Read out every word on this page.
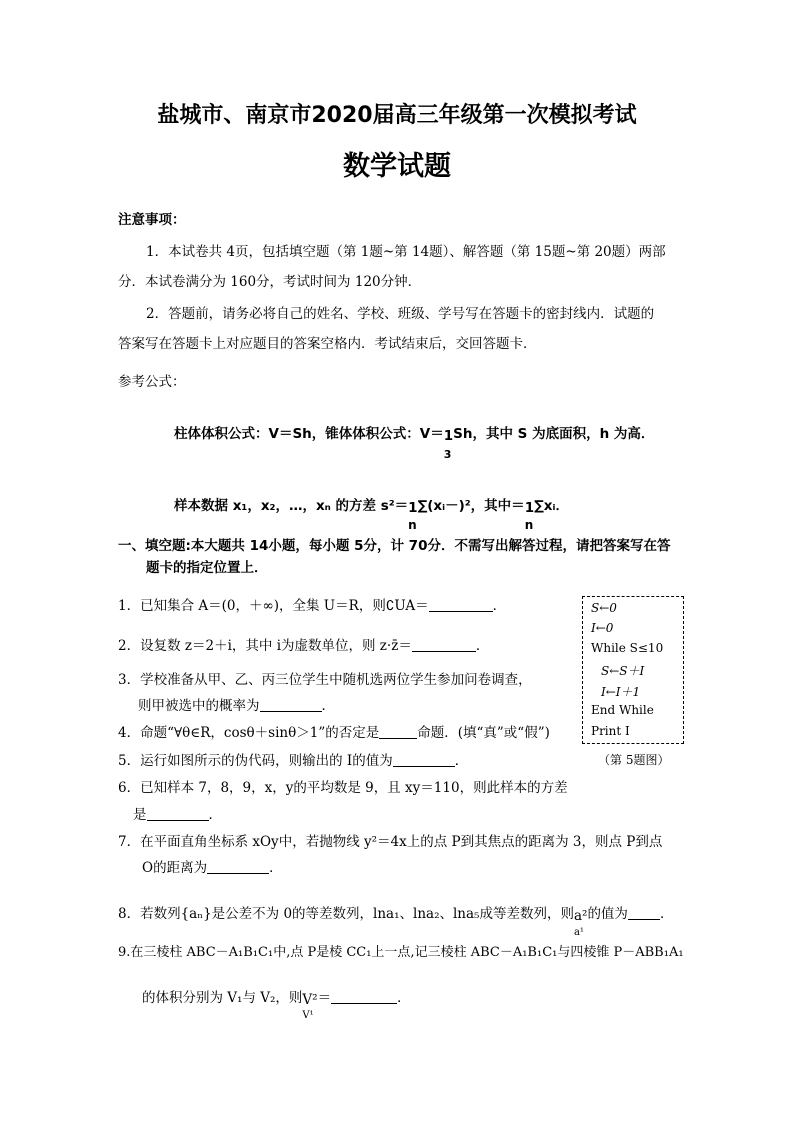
盐城市、南京市2020届高三年级第一次模拟考试
数学试题
注意事项：
1．本试卷共 4页，包括填空题（第 1题~第 14题）、解答题（第 15题~第 20题）两部
分．本试卷满分为 160分，考试时间为 120分钟．
2．答题前，请务必将自己的姓名、学校、班级、学号写在答题卡的密封线内．试题的
答案写在答题卡上对应题目的答案空格内．考试结束后，交回答题卡．
参考公式：
柱体体积公式：V＝Sh，锥体体积公式：V＝1
3
Sh，其中 S 为底面积，h 为高．
样本数据 x₁，x₂，…，xₙ 的方差 s²＝1
n
∑(xᵢ－)²，其中＝1
n
∑xᵢ．
一、填空题:本大题共 14小题，每小题 5分，计 70分．不需写出解答过程，请把答案写在答
题卡的指定位置上．
1．已知集合 A＝(0，＋∞)，全集 U＝R，则∁UA＝	．
2．设复数 z＝2＋i，其中 i为虚数单位，则 z·z̄＝	．
3．学校准备从甲、乙、丙三位学生中随机选两位学生参加问卷调查，
则甲被选中的概率为	．
4．命题“∀θ∈R，cosθ＋sinθ＞1”的否定是	命题．(填“真”或“假”)
5．运行如图所示的伪代码，则输出的 I的值为	．
6．已知样本 7，8，9，x，y的平均数是 9，且 xy＝110，则此样本的方差
是	．
7．在平面直角坐标系 xOy中，若抛物线 y²＝4x上的点 P到其焦点的距离为 3，则点 P到点
O的距离为	．
8．若数列{aₙ}是公差不为 0的等差数列，lna₁、lna₂、lna₅成等差数列，则a²
a¹
的值为 ．
9.在三棱柱 ABC－A₁B₁C₁中,点 P是棱 CC₁上一点,记三棱柱 ABC－A₁B₁C₁与四棱锥 P－ABB₁A₁
的体积分别为 V₁与 V₂，则V²
V¹
＝	．
S←0
I←0
While S≤10
S←S＋I
I←I＋1
End While
Print I
（第 5题图）
